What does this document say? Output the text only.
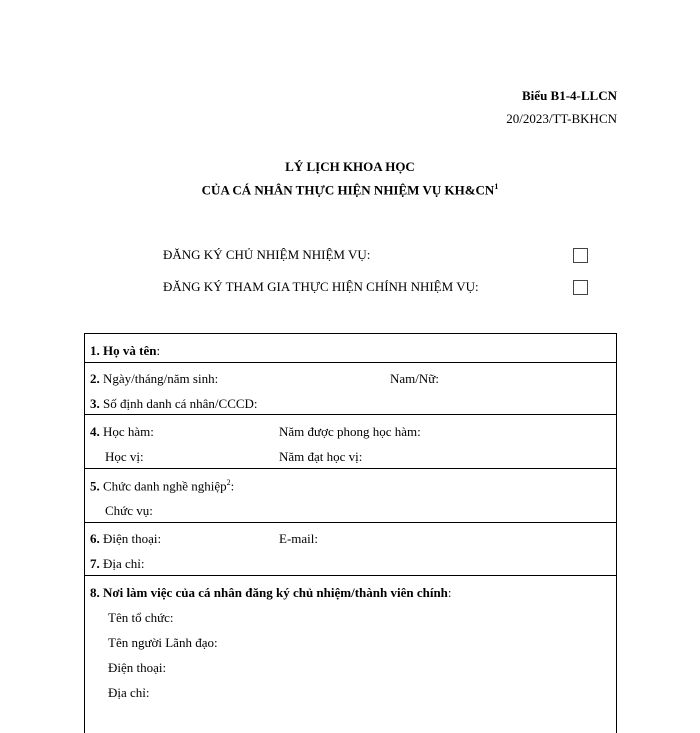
Biểu B1-4-LLCN
20/2023/TT-BKHCN
LÝ LỊCH KHOA HỌC
CỦA CÁ NHÂN THỰC HIỆN NHIỆM VỤ $KH\&CN^1$
ĐĂNG KÝ CHỦ NHIỆM NHIỆM VỤ:
ĐĂNG KÝ THAM GIA THỰC HIỆN CHÍNH NHIỆM VỤ:
1. Họ và tên:
2. Ngày/tháng/năm sinh:	Nam/Nữ:
3. Số định danh cá nhân/CCCD:
4. Học hàm:	Năm được phong học hàm:
Học vị:	Năm đạt học vị:
5. Chức danh nghề nghiệp$^2$:
Chức vụ:
6. Điện thoại:	E-mail:
7. Địa chỉ:
8. Nơi làm việc của cá nhân đăng ký chủ nhiệm/thành viên chính:
Tên tổ chức:
Tên người Lãnh đạo:
Điện thoại:
Địa chỉ:
